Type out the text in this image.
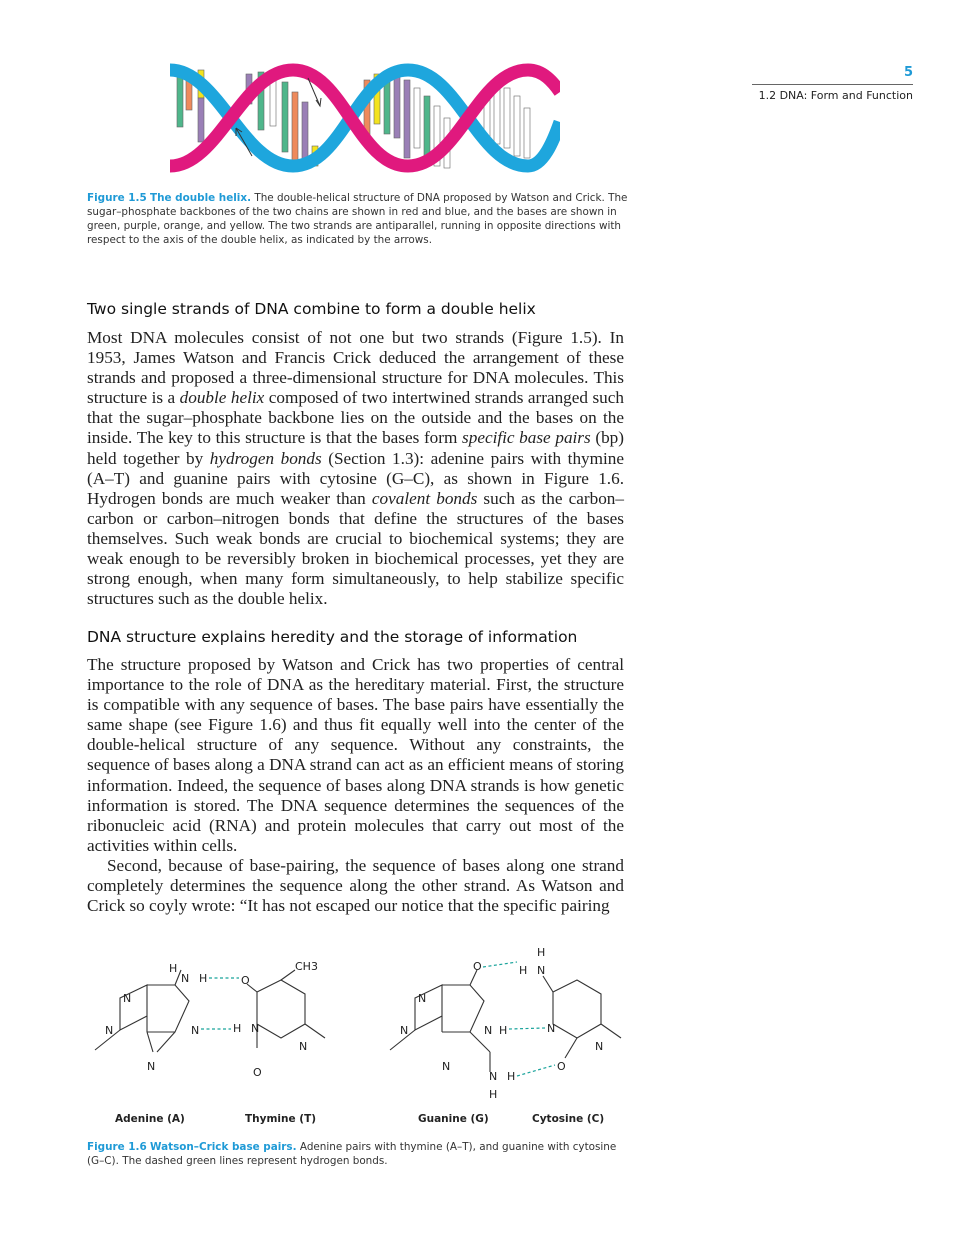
5
1.2 DNA: Form and Function
Figure 1.5 The double helix. The double-helical structure of DNA proposed by Watson and Crick. The sugar–phosphate backbones of the two chains are shown in red and blue, and the bases are shown in green, purple, orange, and yellow. The two strands are antiparallel, running in opposite directions with respect to the axis of the double helix, as indicated by the arrows.
Two single strands of DNA combine to form a double helix
Most DNA molecules consist of not one but two strands (Figure 1.5). In 1953, James Watson and Francis Crick deduced the arrangement of these strands and proposed a three-dimensional structure for DNA molecules. This structure is a double helix composed of two intertwined strands arranged such that the sugar–phosphate backbone lies on the outside and the bases on the inside. The key to this structure is that the bases form specific base pairs (bp) held together by hydrogen bonds (Section 1.3): adenine pairs with thymine (A–T) and guanine pairs with cytosine (G–C), as shown in Figure 1.6. Hydrogen bonds are much weaker than covalent bonds such as the carbon–carbon or carbon–nitrogen bonds that define the structures of the bases themselves. Such weak bonds are crucial to biochemical systems; they are weak enough to be reversibly broken in biochemical processes, yet they are strong enough, when many form simultaneously, to help stabilize specific structures such as the double helix.
DNA structure explains heredity and the storage of information
The structure proposed by Watson and Crick has two properties of central importance to the role of DNA as the hereditary material. First, the structure is compatible with any sequence of bases. The base pairs have essentially the same shape (see Figure 1.6) and thus fit equally well into the center of the double-helical structure of any sequence. Without any constraints, the sequence of bases along a DNA strand can act as an efficient means of storing information. Indeed, the sequence of bases along DNA strands is how genetic information is stored. The DNA sequence determines the sequences of the ribonucleic acid (RNA) and protein molecules that carry out most of the activities within cells.
Second, because of base-pairing, the sequence of bases along one strand completely determines the sequence along the other strand. As Watson and Crick so coyly wrote: “It has not escaped our notice that the specific pairing
N
N	N
N
N
H
H
CH3
O
N
H
N
O
N
N	N H
N
O
N H
H
N
H
H
N
N
O
Adenine (A)	Thymine (T)	Guanine (G)	Cytosine (C)
Figure 1.6 Watson–Crick base pairs. Adenine pairs with thymine (A–T), and guanine with cytosine (G–C). The dashed green lines represent hydrogen bonds.
